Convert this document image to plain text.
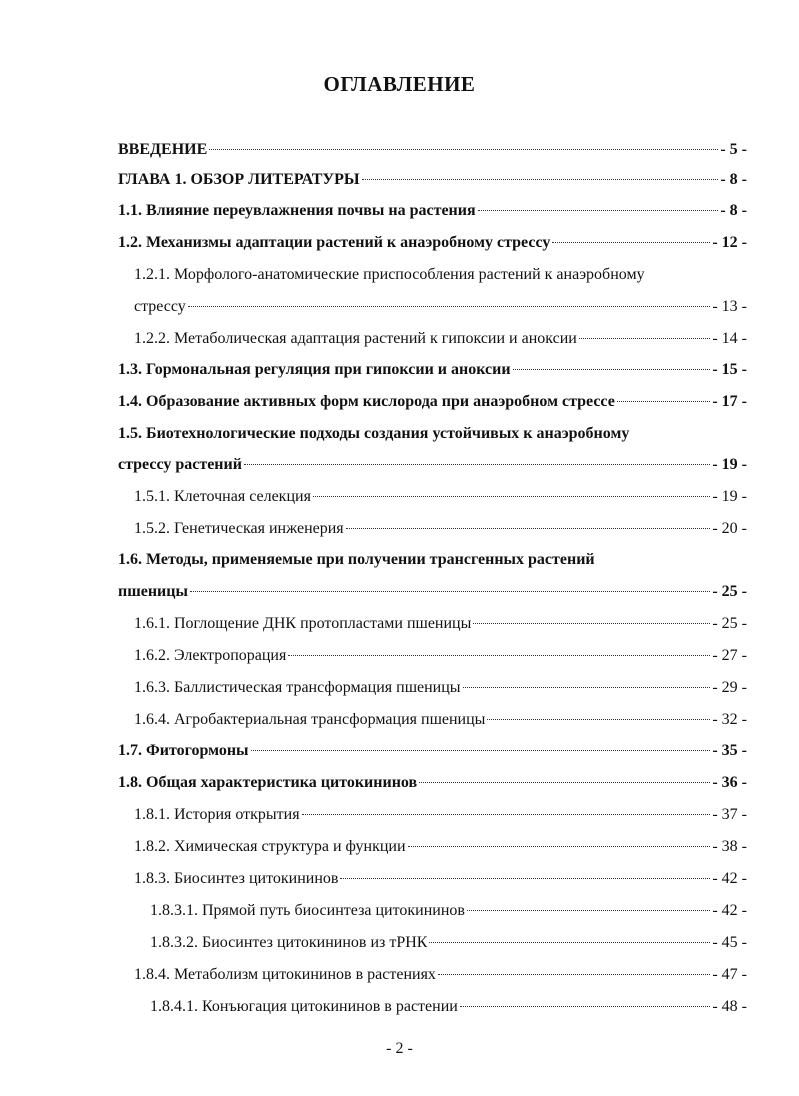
ОГЛАВЛЕНИЕ
ВВЕДЕНИЕ	- 5 -
ГЛАВА 1. ОБЗОР ЛИТЕРАТУРЫ	- 8 -
1.1. Влияние переувлажнения почвы на растения	- 8 -
1.2. Механизмы адаптации растений к анаэробному стрессу	- 12 -
1.2.1. Морфолого-анатомические приспособления растений к анаэробному
стрессу	- 13 -
1.2.2. Метаболическая адаптация растений к гипоксии и аноксии	- 14 -
1.3. Гормональная регуляция при гипоксии и аноксии	- 15 -
1.4. Образование активных форм кислорода при анаэробном стрессе	- 17 -
1.5. Биотехнологические подходы создания устойчивых к анаэробному
стрессу растений	- 19 -
1.5.1. Клеточная селекция	- 19 -
1.5.2. Генетическая инженерия	- 20 -
1.6. Методы, применяемые при получении трансгенных растений
пшеницы	- 25 -
1.6.1. Поглощение ДНК протопластами пшеницы	- 25 -
1.6.2. Электропорация	- 27 -
1.6.3. Баллистическая трансформация пшеницы	- 29 -
1.6.4. Агробактериальная трансформация пшеницы	- 32 -
1.7. Фитогормоны	- 35 -
1.8. Общая характеристика цитокининов	- 36 -
1.8.1. История открытия	- 37 -
1.8.2. Химическая структура и функции	- 38 -
1.8.3. Биосинтез цитокининов	- 42 -
1.8.3.1. Прямой путь биосинтеза цитокининов	- 42 -
1.8.3.2. Биосинтез цитокининов из тРНК	- 45 -
1.8.4. Метаболизм цитокининов в растениях	- 47 -
1.8.4.1. Конъюгация цитокининов в растении	- 48 -
- 2 -
